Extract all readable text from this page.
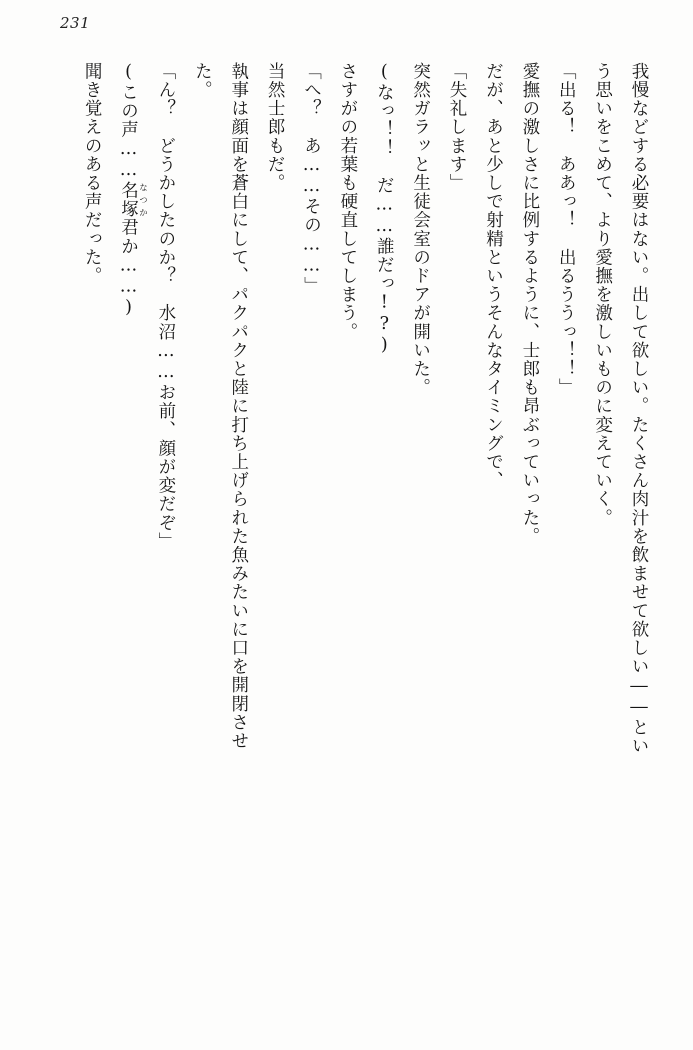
231
我慢などする必要はない。出して欲しい。たくさん肉汁を飲ませて欲しい――とい
う思いをこめて、より愛撫を激しいものに変えていく。
「出る！　ああっ！　出るううっ！！」
愛撫の激しさに比例するように、士郎も昂ぶっていった。
だが、あと少しで射精というそんなタイミングで、
「失礼します」
突然ガラッと生徒会室のドアが開いた。
(なっ！！　だ……誰だっ!?)
さすがの若葉も硬直してしまう。
「へ？　あ……その……」
当然士郎もだ。
執事は顔面を蒼白にして、パクパクと陸に打ち上げられた魚みたいに口を開閉させ
た。
「ん？　どうかしたのか？　水沼……お前、顔が変だぞ」
(この声……名塚 なつか君か……)
聞き覚えのある声だった。
